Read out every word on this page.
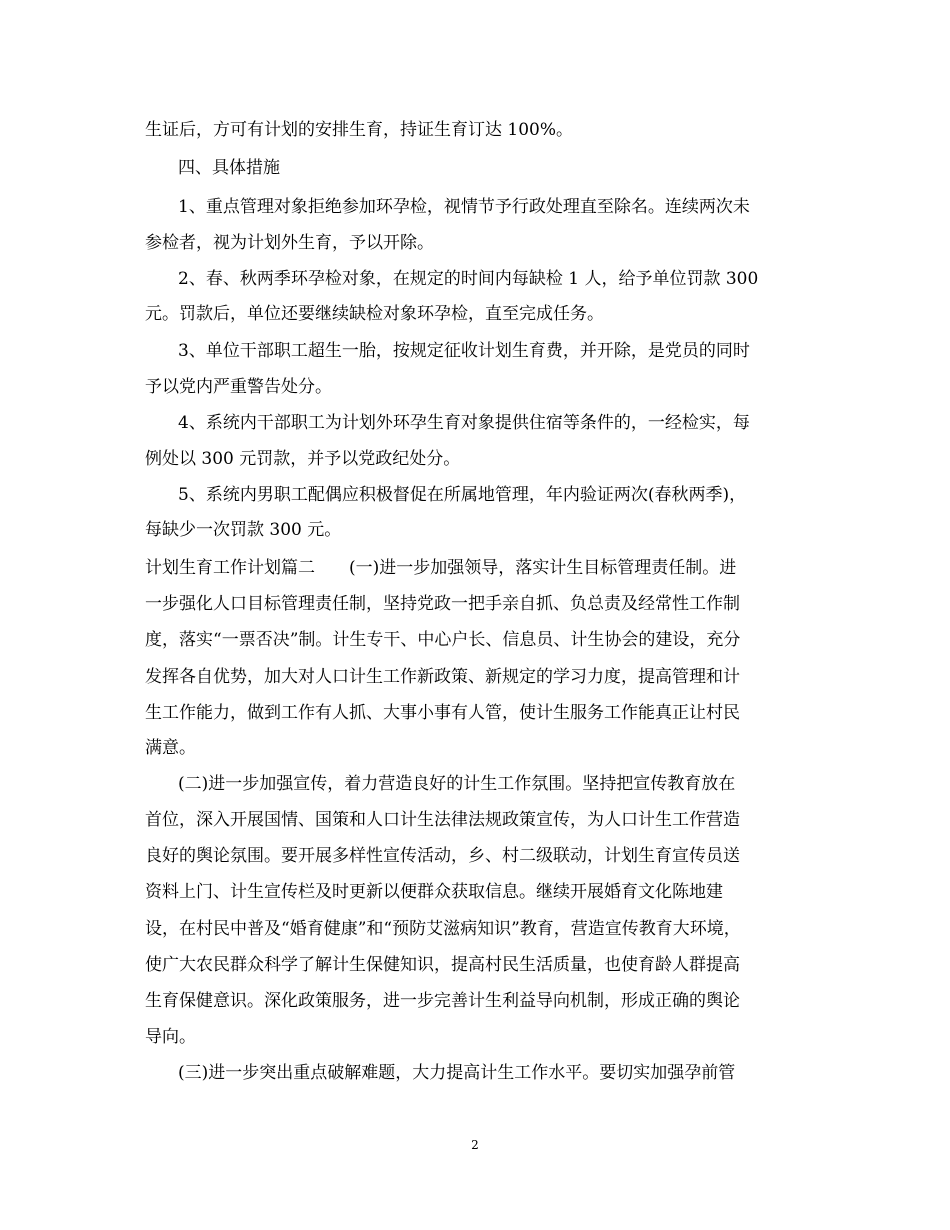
生证后，方可有计划的安排生育，持证生育订达 100%。
四、具体措施
1、重点管理对象拒绝参加环孕检，视情节予行政处理直至除名。连续两次未
参检者，视为计划外生育，予以开除。
2、春、秋两季环孕检对象，在规定的时间内每缺检 1 人，给予单位罚款 300
元。罚款后，单位还要继续缺检对象环孕检，直至完成任务。
3、单位干部职工超生一胎，按规定征收计划生育费，并开除，是党员的同时
予以党内严重警告处分。
4、系统内干部职工为计划外环孕生育对象提供住宿等条件的，一经检实，每
例处以 300 元罚款，并予以党政纪处分。
5、系统内男职工配偶应积极督促在所属地管理，年内验证两次(春秋两季)，
每缺少一次罚款 300 元。
计划生育工作计划篇二　　(一)进一步加强领导，落实计生目标管理责任制。进
一步强化人口目标管理责任制，坚持党政一把手亲自抓、负总责及经常性工作制
度，落实“一票否决”制。计生专干、中心户长、信息员、计生协会的建设，充分
发挥各自优势，加大对人口计生工作新政策、新规定的学习力度，提高管理和计
生工作能力，做到工作有人抓、大事小事有人管，使计生服务工作能真正让村民
满意。
(二)进一步加强宣传，着力营造良好的计生工作氛围。坚持把宣传教育放在
首位，深入开展国情、国策和人口计生法律法规政策宣传，为人口计生工作营造
良好的舆论氛围。要开展多样性宣传活动，乡、村二级联动，计划生育宣传员送
资料上门、计生宣传栏及时更新以便群众获取信息。继续开展婚育文化陈地建
设，在村民中普及“婚育健康”和“预防艾滋病知识”教育，营造宣传教育大环境，
使广大农民群众科学了解计生保健知识，提高村民生活质量，也使育龄人群提高
生育保健意识。深化政策服务，进一步完善计生利益导向机制，形成正确的舆论
导向。
(三)进一步突出重点破解难题，大力提高计生工作水平。要切实加强孕前管
2
